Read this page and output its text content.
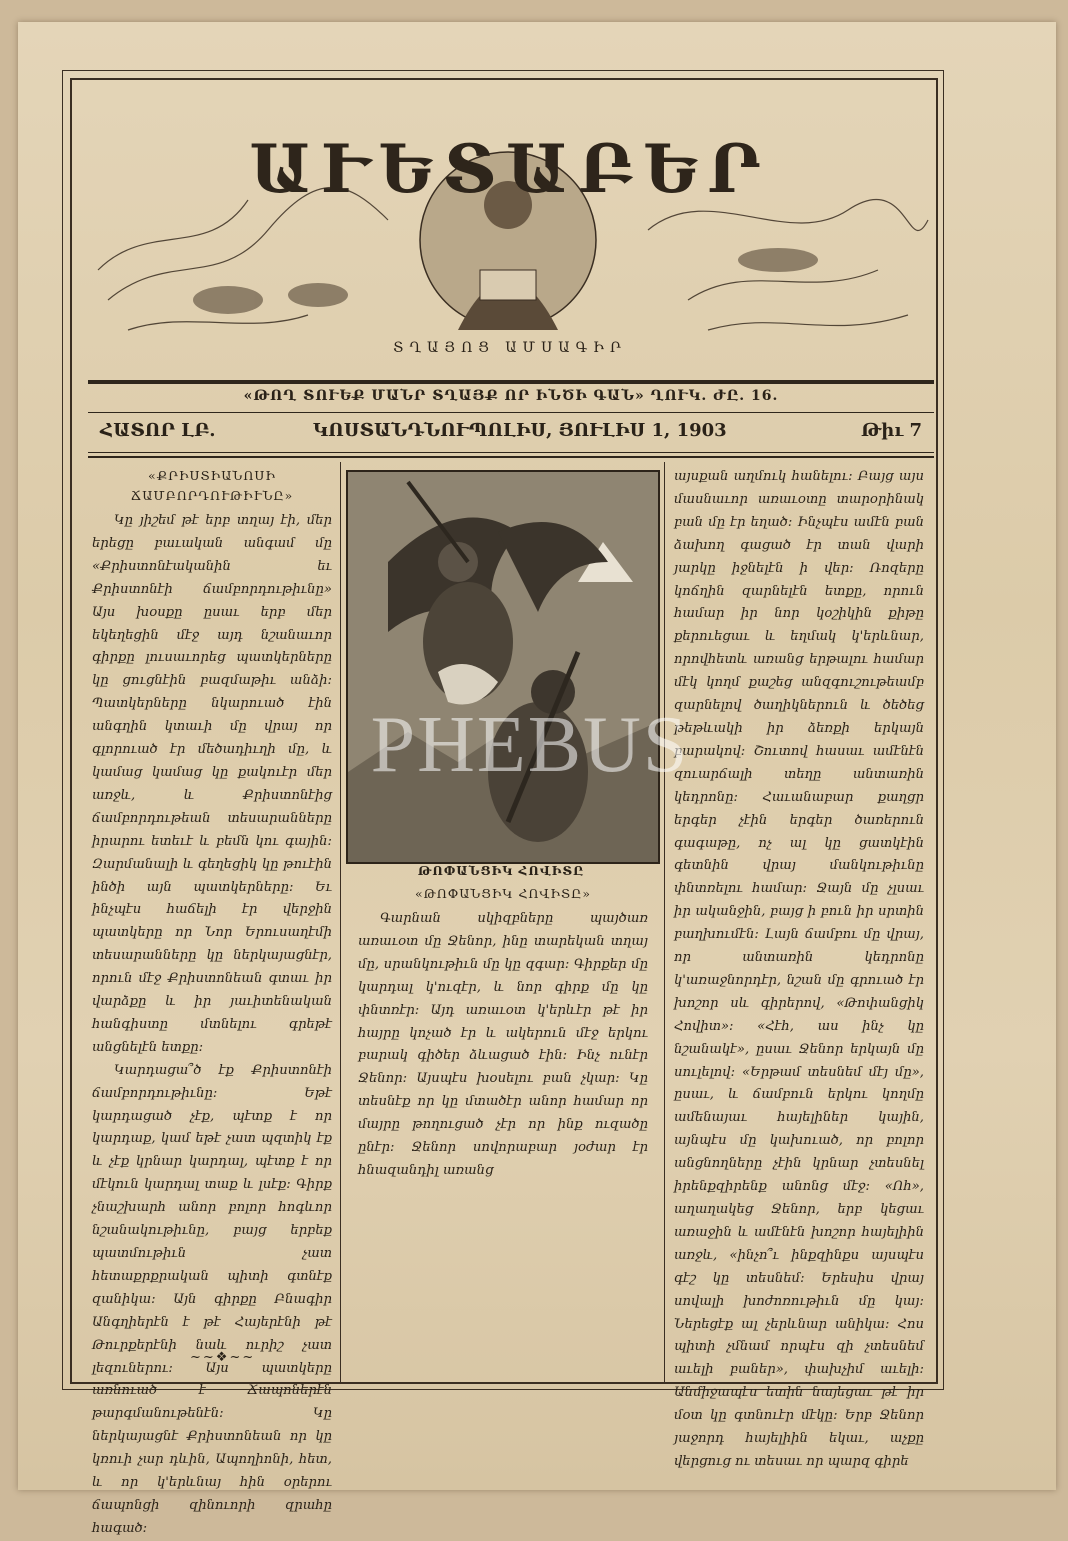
ԱՒԵՏԱԲԵՐ
ՏՂԱՅՈՑ ԱՄՍԱԳԻՐ
«ԹՈՂ ՏՈՒԵՔ ՄԱՆՐ ՏՂԱՅՔ ՈՐ ԻՆԾԻ ԳԱՆ» ՂՈՒԿ. ԺԸ. 16.
ՀԱՏՈՐ ԼԲ.	ԿՈՍՏԱՆԴՆՈՒՊՈԼԻՍ, ՅՈՒԼԻՍ 1, 1903	Թիւ 7
«ՔՐԻՍՏԻԱՆՈՍԻ
ՃԱՄԲՈՐԴՈՒԹԻՒՆԸ»

Կը յիշեմ թէ երբ տղայ էի, մեր երեցը բաւական անգամ մը «Քրիստոնէականին եւ Քրիստոնէի ճամբորդութիւնը» Այս խօսքը ըսաւ երբ մեր եկեղեցին մէջ այդ նշանաւոր գիրքը լուսաւորեց պատկերները կը ցուցնէին բազմաթիւ անձի։ Պատկերները նկարուած էին անգղին կտաւի մը վրայ որ գլորուած էր մեծադիւղի մը, և կամաց կամաց կը քակուէր մեր առջև, և Քրիստոնէից ճամբորդութեան տեսարանները իրարու ետեւէ և բեմն կու գային։ Զարմանալի և գեղեցիկ կը թուէին ինծի այն պատկերները։ Եւ ինչպէս հաճելի էր վերջին պատկերը որ Նոր Երուսաղէմի տեսարանները կը ներկայացնէր, որուն մէջ Քրիստոնեան գտաւ իր վարձքը և իր յաւիտենական հանգիստը մտնելու գրեթէ անցնելէն ետքը։

Կարդացա՞ծ էք Քրիստոնէի ճամբորդութիւնը։ Եթէ կարդացած չէք, պէտք է որ կարդաք, կամ եթէ չատ պզտիկ էք և չէք կրնար կարդալ, պէտք է որ մէկուն կարդալ տաք և լսէք։ Գիրք չնաշխարհ անոր բոլոր հոգևոր նշանակութիւնը, բայց երբեք պատմութիւն չատ հետաքրքրական պիտի գտնէք զանիկա։ Այն գիրքը Բնագիր Անգղիերէն է թէ Հայերէնի թէ Թուրքերէնի նաև ուրիշ չատ լեզուներու։ Այս պատկերը առնուած է Ճապոներէն թարգմանութենէն։ Կը ներկայացնէ Քրիստոնեան որ կը կռուի չար դևին, Ապողիոնի, հետ, և որ կ'երևնայ հին օրերու ճապոնցի զինուորի զրահը հագած։

~~❖~~
ԹՈՓԱՆՑԻԿ ՀՈՎԻՏԸ
«ԹՈՓԱՆՑԻԿ ՀՈՎԻՏԸ»

Գարնան սկիզբները պայծառ առաւօտ մը Ջենոր, ինը տարեկան տղայ մը, սրանկութիւն մը կը զգար։ Գիրքեր մը կարդալ կ'ուզէր, և նոր գիրք մը կը փնտռէր։ Այդ առաւօտ կ'երևէր թէ իր հայրը կոչած էր և ակերուն մէջ երկու բարակ գիծեր ձևացած էին։ Ինչ ունէր Ջենոր։ Այսպէս խօսելու բան չկար։ Կը տեսնէք որ կը մտածէր անոր համար որ մայրը թողուցած չէր որ ինք ուզածը ընէր։ Ջենոր սովորաբար յօժար էր հնազանդիլ առանց

այսքան աղմուկ հանելու։ Բայց այս մասնաւոր առաւօտը տարօրինակ բան մը էր եղած։ Ինչպէս ամէն բան ձախող գացած էր տան վարի յարկը իջնելէն ի վեր։ Ռոզերը կոճղին զարնելէն ետքը, որուն համար իր նոր կօշիկին քիթը քերուեցաւ և եղմակ կ'երևնար, որովհետև առանց երթալու համար մէկ կողմ քաշեց անզգուշութեամբ զարնելով ծաղիկներուն և ծեծեց թեթևակի իր ձեռքի երկայն բարակով։ Շուտով հասաւ ամէնէն զուարճալի տեղը անտառին կեդրոնը։ Հաւանաբար քաղցր երգեր չէին երգեր ծառերուն գագաթը, ոչ ալ կը ցատկէին գետնին վրայ մանկութիւնը փնտռելու համար։ Ջայն մը չլսաւ իր ականջին, բայց ի բուն իր սրտին բաղխումէն։ Լայն ճամբու մը վրայ, որ անտառին կեդրոնը կ'առաջնորդէր, նշան մը գրուած էր խոշոր սև գիրերով, «Թոփանցիկ Հովիտ»։ «Հէհ, աս ինչ կը նշանակէ», ըսաւ Ջենոր երկայն մը սուլելով։ «Երթամ տեսնեմ մէյ մը», ըսաւ, և ճամբուն երկու կողմը ամենայաւ հայելիներ կային, այնպէս մը կախուած, որ բոլոր անցնողները չէին կրնար չտեսնել իրենքզիրենք անոնց մէջ։ «Ոհ», աղաղակեց Ջենոր, երբ կեցաւ առաջին և ամէնէն խոշոր հայելիին առջև, «ինչո՞ւ ինքզինքս այսպէս գէշ կը տեսնեմ։ Երեսիս վրայ սովալի խոժոռութիւն մը կայ։ Ներեցէք ալ չերևնար անիկա։ Հոս պիտի չմնամ որպէս զի չտեսնեմ աւելի բաներ», փախչիմ աւելի։ Անմիջապէս ետին նայեցաւ թէ իր մօտ կը գտնուէր մէկը։ Երբ Ջենոր յաջորդ հայելիին եկաւ, աչքը վերցուց ու տեսաւ որ պարզ գիրե

PHEBUS
